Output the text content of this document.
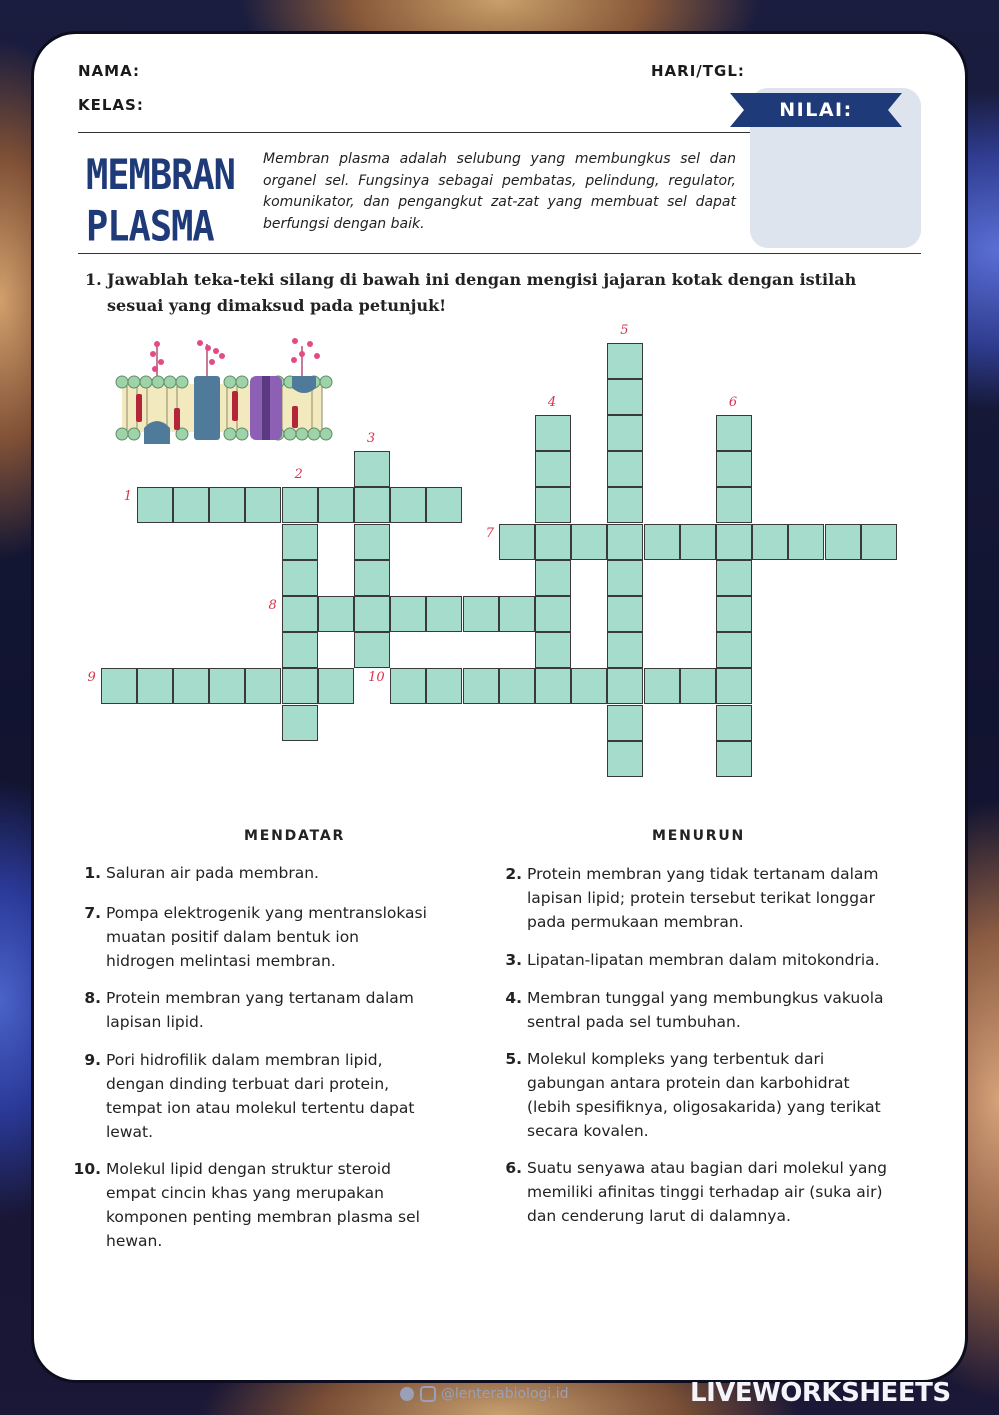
NAMA:
KELAS:
HARI/TGL:
NILAI:
MEMBRAN
PLASMA
Membran plasma adalah selubung yang membungkus sel dan organel sel. Fungsinya sebagai pembatas, pelindung, regulator, komunikator, dan pengangkut zat-zat yang membuat sel dapat berfungsi dengan baik.
1. Jawablah teka-teki silang di bawah ini dengan mengisi jajaran kotak dengan istilah sesuai yang dimaksud pada petunjuk!
1
2
3
4
5
6
7
8
9	10
MENDATAR	MENURUN
1. Saluran air pada membran.
7. Pompa elektrogenik yang mentranslokasi
muatan positif dalam bentuk ion
hidrogen melintasi membran.
8. Protein membran yang tertanam dalam
lapisan lipid.
9. Pori hidrofilik dalam membran lipid,
dengan dinding terbuat dari protein,
tempat ion atau molekul tertentu dapat
lewat.
10. Molekul lipid dengan struktur steroid
empat cincin khas yang merupakan
komponen penting membran plasma sel
hewan.
2. Protein membran yang tidak tertanam dalam
lapisan lipid; protein tersebut terikat longgar
pada permukaan membran.
3. Lipatan-lipatan membran dalam mitokondria.
4. Membran tunggal yang membungkus vakuola
sentral pada sel tumbuhan.
5. Molekul kompleks yang terbentuk dari
gabungan antara protein dan karbohidrat
(lebih spesifiknya, oligosakarida) yang terikat
secara kovalen.
6. Suatu senyawa atau bagian dari molekul yang
memiliki afinitas tinggi terhadap air (suka air)
dan cenderung larut di dalamnya.
@lenterabiologi.id	LIVEWORKSHEETS
